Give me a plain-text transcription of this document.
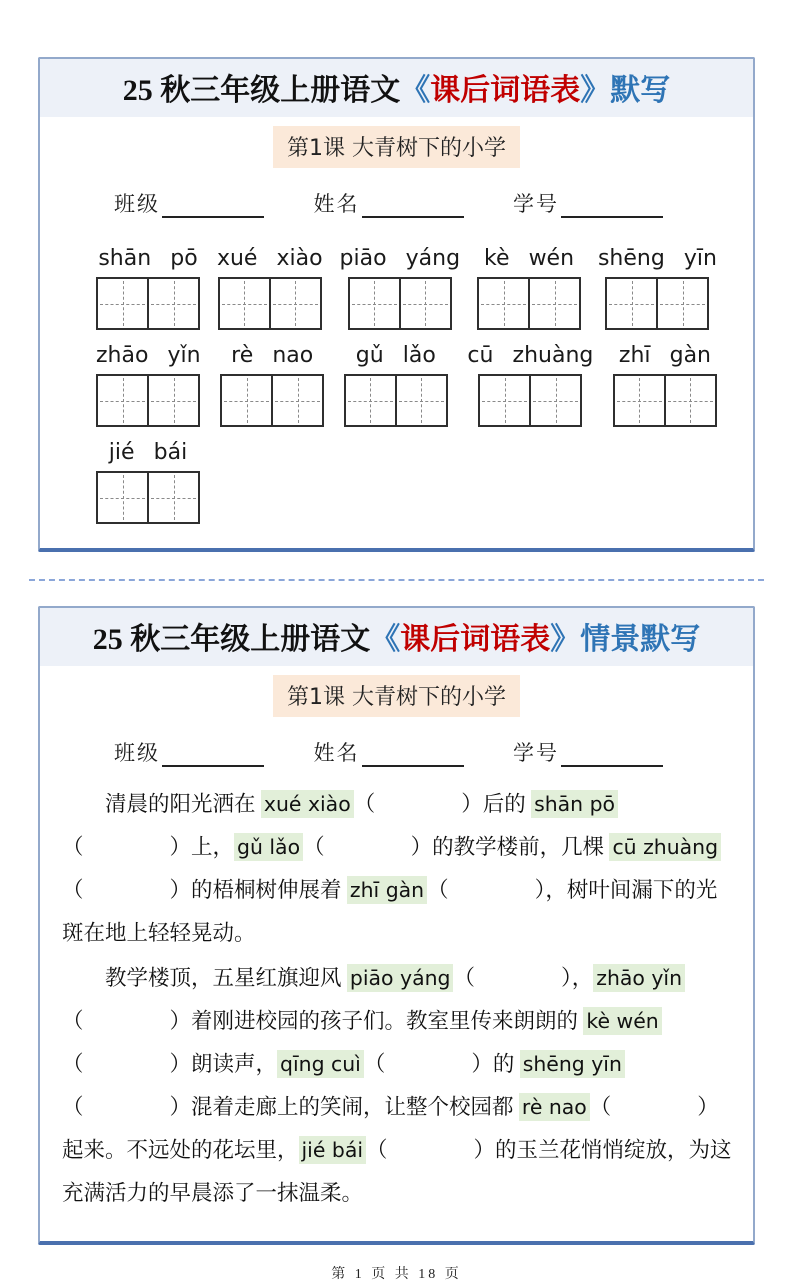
25 秋三年级上册语文《课后词语表》默写
第1课 大青树下的小学
班级	姓名	学号
shān pō xué xiào piāo yáng kè wén shēng yīn
zhāo yǐn rè nao gǔ lǎo cū zhuàng zhī gàn
jié bái
25 秋三年级上册语文《课后词语表》情景默写
第1课 大青树下的小学
班级	姓名	学号

清晨的阳光洒在 xué xiào （　　　　）后的 shān pō（　　　　）上， gǔ lǎo （　　　　）的教学楼前，几棵 cū zhuàng（　　　　）的梧桐树伸展着 zhī gàn （　　　　），树叶间漏下的光斑在地上轻轻晃动。

教学楼顶，五星红旗迎风 piāo yáng （　　　　）， zhāo yǐn（　　　　）着刚进校园的孩子们。教室里传来朗朗的 kè wén（　　　　）朗读声， qīng cuì （　　　　）的 shēng yīn（　　　　）混着走廊上的笑闹，让整个校园都 rè nao （　　　　）起来。不远处的花坛里， jié bái （　　　　）的玉兰花悄悄绽放，为这充满活力的早晨添了一抹温柔。

第 1 页 共 18 页
